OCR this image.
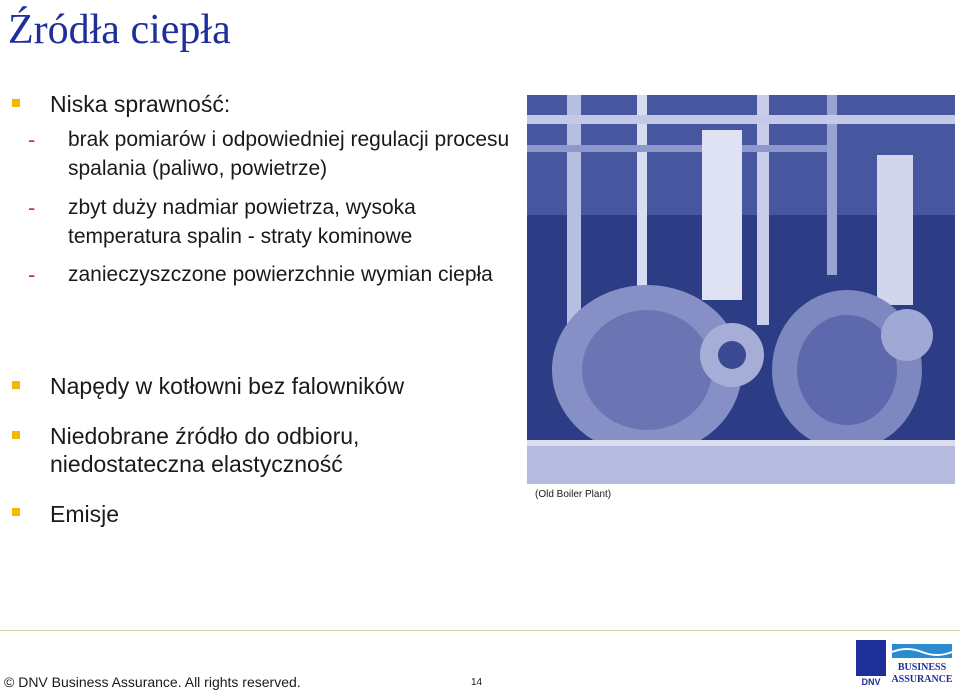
Źródła ciepła
Niska sprawność:
- brak pomiarów i odpowiedniej regulacji procesu spalania (paliwo, powietrze)
- zbyt duży nadmiar powietrza, wysoka temperatura spalin - straty kominowe
- zanieczyszczone powierzchnie wymian ciepła
Napędy w kotłowni bez falowników
Niedobrane źródło do odbioru, niedostateczna elastyczność
Emisje
(Old Boiler Plant)
© DNV Business Assurance. All rights reserved.	14	DNV
BUSINESS
ASSURANCE
